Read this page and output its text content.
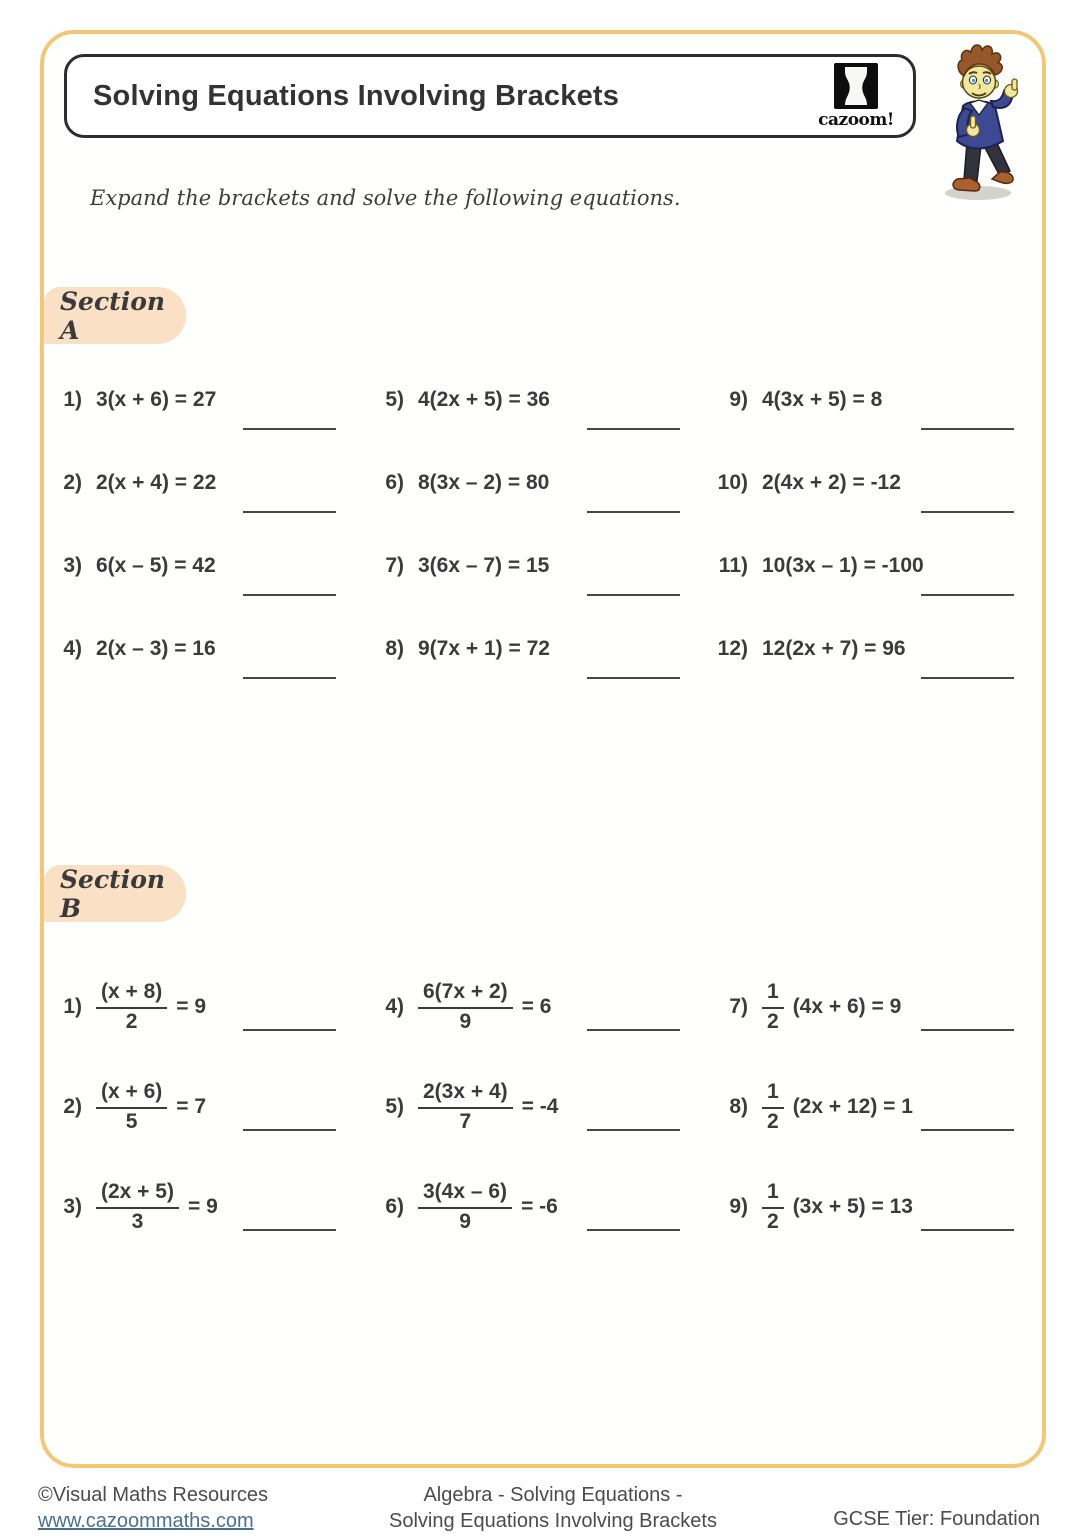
Solving Equations Involving Brackets
cazoom!
Expand the brackets and solve the following equations.
Section A
1) 3(x + 6) = 27	5) 4(2x + 5) = 36	9) 4(3x + 5) = 8
2) 2(x + 4) = 22	6) 8(3x – 2) = 80	10) 2(4x + 2) = -12
3) 6(x – 5) = 42	7) 3(6x – 7) = 15	11) 10(3x – 1) = -100
4) 2(x – 3) = 16	8) 9(7x + 1) = 72	12) 12(2x + 7) = 96
Section B
$1) \frac{(x + 8)}{2} = 9$	$4) \frac{6(7x + 2)}{9} = 6$	$7) \frac{1}{2} (4x + 6) = 9$
$2) \frac{(x + 6)}{5} = 7$	$5) \frac{2(3x + 4)}{7} = -4$	$8) \frac{1}{2} (2x + 12) = 1$
$3) \frac{(2x + 5)}{3} = 9$	$6) \frac{3(4x - 6)}{9} = -6$	$9) \frac{1}{2} (3x + 5) = 13$
©Visual Maths Resources
www.cazoommaths.com
Algebra - Solving Equations -
Solving Equations Involving Brackets	GCSE Tier: Foundation
